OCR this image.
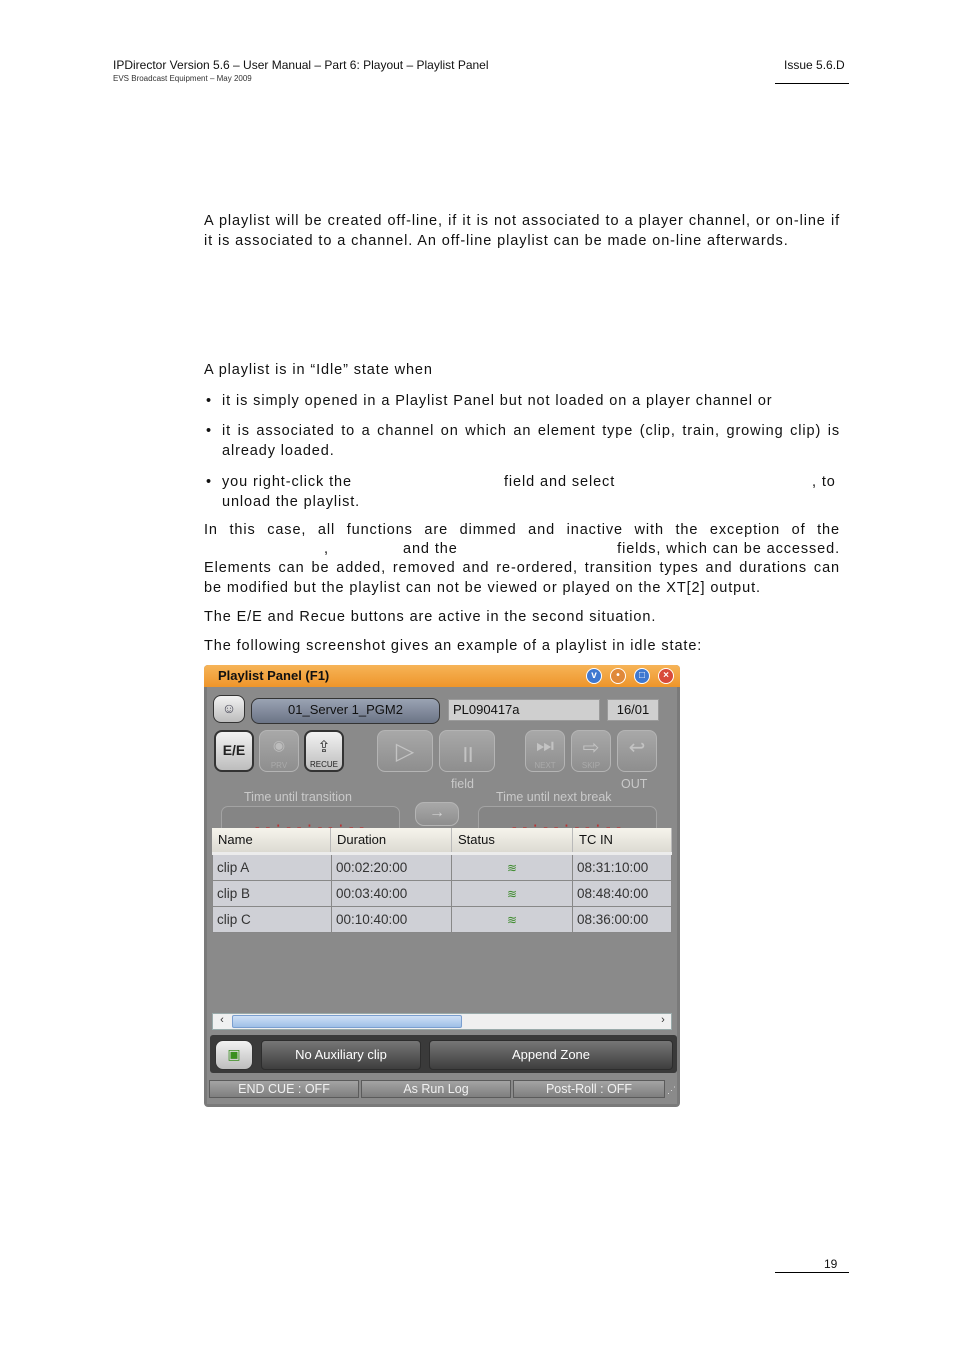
IPDirector Version 5.6 – User Manual – Part 6: Playout – Playlist Panel
EVS Broadcast Equipment – May 2009
Issue 5.6.D
A playlist will be created off-line, if it is not associated to a player channel, or on-line if it is associated to a channel. An off-line playlist can be made on-line afterwards.
A playlist is in “Idle” state when
• it is simply opened in a Playlist Panel but not loaded on a player channel or
• it is associated to a channel on which an element type (clip, train, growing clip) is already loaded.
• you right-click the	field and select	, to
unload the playlist.
In this case, all functions are dimmed and inactive with the exception of the
,	and the	fields, which can be accessed.
Elements can be added, removed and re-ordered, transition types and durations can be modified but the playlist can not be viewed or played on the XT[2] output.
The E/E and Recue buttons are active in the second situation.
The following screenshot gives an example of a playlist in idle state:
Playlist Panel (F1)	v	•	□	×
☺	01_Server 1_PGM2	PL090417a	16/01
E/E	◉
PRV
⇪
RECUE	▷	॥	⏭
NEXT
⇨
SKIP
↩
field	OUT
Time until transition	Time until next break
→
Name	Duration	Status	TC IN
clip A	00:02:20:00	≋	08:31:10:00
clip B	00:03:40:00	≋	08:48:40:00
clip C	00:10:40:00	≋	08:36:00:00
‹	›
▣	No Auxiliary clip	Append Zone
END CUE : OFF	As Run Log	Post-Roll : OFF	⋰
19
